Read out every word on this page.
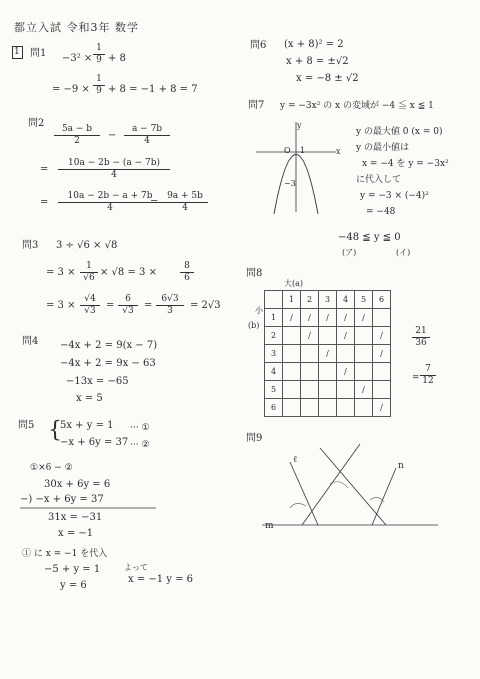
都立入試 令和3年 数学
1 問$1 -3^2 \times \frac{1}{9} + 8$
= $-9 \times \frac{1}{9} + 8 = -1 + 8 = 7$
問2
$\frac{5a - b}{2} - \frac{a - 7b}{4}$
= $\frac{10a - 2b - (a - 7b)}{4}$
= $\frac{10a - 2b - a + 7b}{4}$
= $\frac{9a + 5b}{4}$
問3 3 ÷ √6 × √8
= $3 \times \frac{1}{√6} \times √8 = 3$ ×	$\frac{8}{6}$
= $3 \times \frac{√4}{√3} = \frac{6}{√3} = \frac{6√3}{3} = 2√3$
問4 −4x + 2 = 9(x − 7)
−4x + 2 = 9x − 63
−13x = −65
x = 5
問5 {
5x + y = 1 ··· ①
−x + 6y = 37 ··· ②
①×6 − ②
30x + 6y = 6
−) −x + 6y = 37
31x = −31
x = −1
① に x = −1 を代入
−5 + y = 1
y = 6
よって
x = −1 y = 6
問6 (x + 8)² = 2
x + 8 = ±√2
x = −8 ± √2
問7 y = −3x² の x の変域が −4 ≦ x ≦ 1
y の最大値 0 (x = 0)
y の最小値は
x = −4 を y = −3x²
に代入して
y = −3 × (−4)²
= −48
−48 ≦ y ≦ 0
(ア)	(イ)
y
x
O 1
−3
問8
大(a)
小
(b)
	1	2	3	4	5	6
1	/	/	/	/	/	
2		/		/		/
3			/			/
4				/		
5					/	
6						/
$\frac{21}{36}$
= $\frac{7}{12}$
問9
ℓ
n
m
